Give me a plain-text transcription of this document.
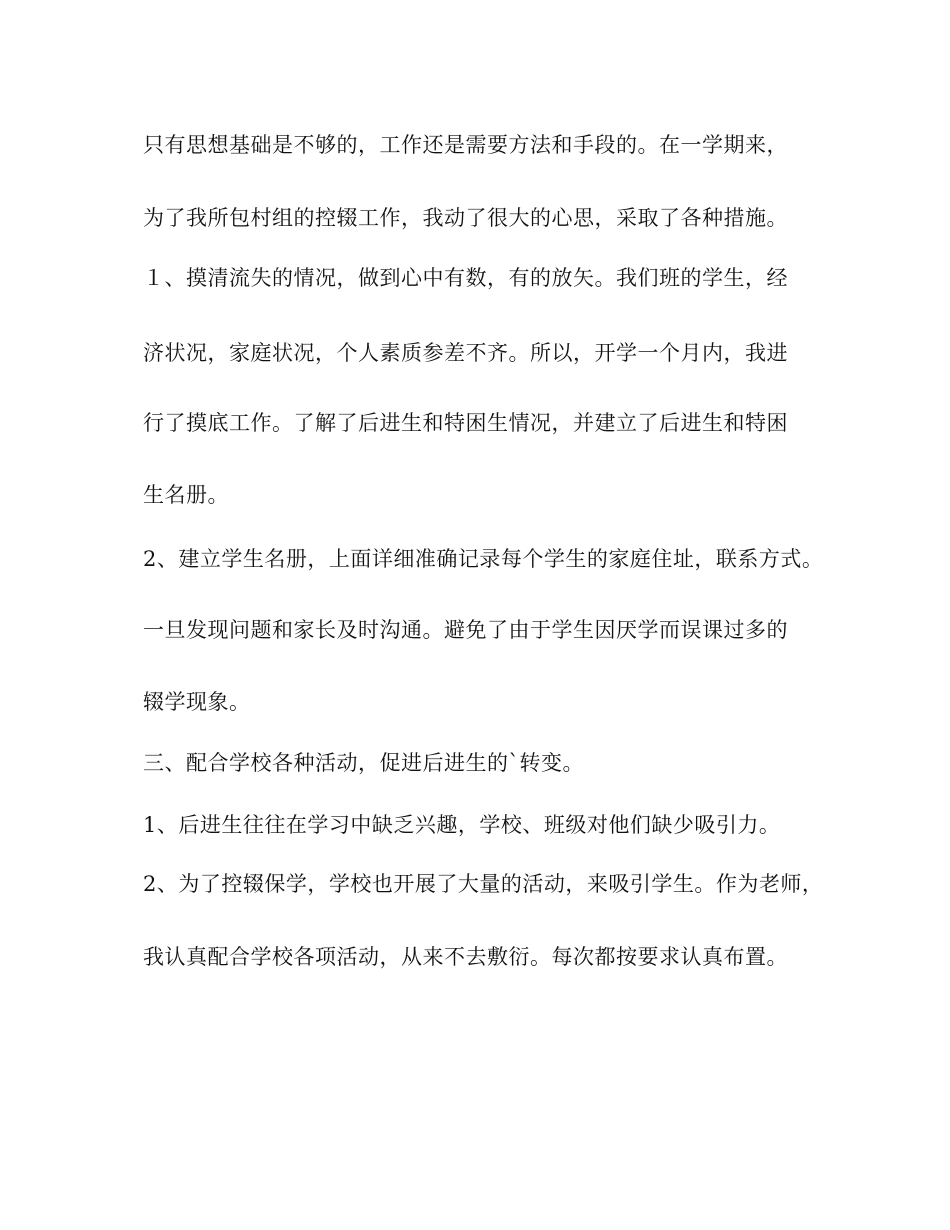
只有思想基础是不够的，工作还是需要方法和手段的。在一学期来，
为了我所包村组的控辍工作，我动了很大的心思，采取了各种措施。
１、摸清流失的情况，做到心中有数，有的放矢。我们班的学生，经
济状况，家庭状况，个人素质参差不齐。所以，开学一个月内，我进
行了摸底工作。了解了后进生和特困生情况，并建立了后进生和特困
生名册。
2、建立学生名册，上面详细准确记录每个学生的家庭住址，联系方式。
一旦发现问题和家长及时沟通。避免了由于学生因厌学而误课过多的
辍学现象。
三、配合学校各种活动，促进后进生的`转变。
1、后进生往往在学习中缺乏兴趣，学校、班级对他们缺少吸引力。
2、为了控辍保学，学校也开展了大量的活动，来吸引学生。作为老师，
我认真配合学校各项活动，从来不去敷衍。每次都按要求认真布置。
